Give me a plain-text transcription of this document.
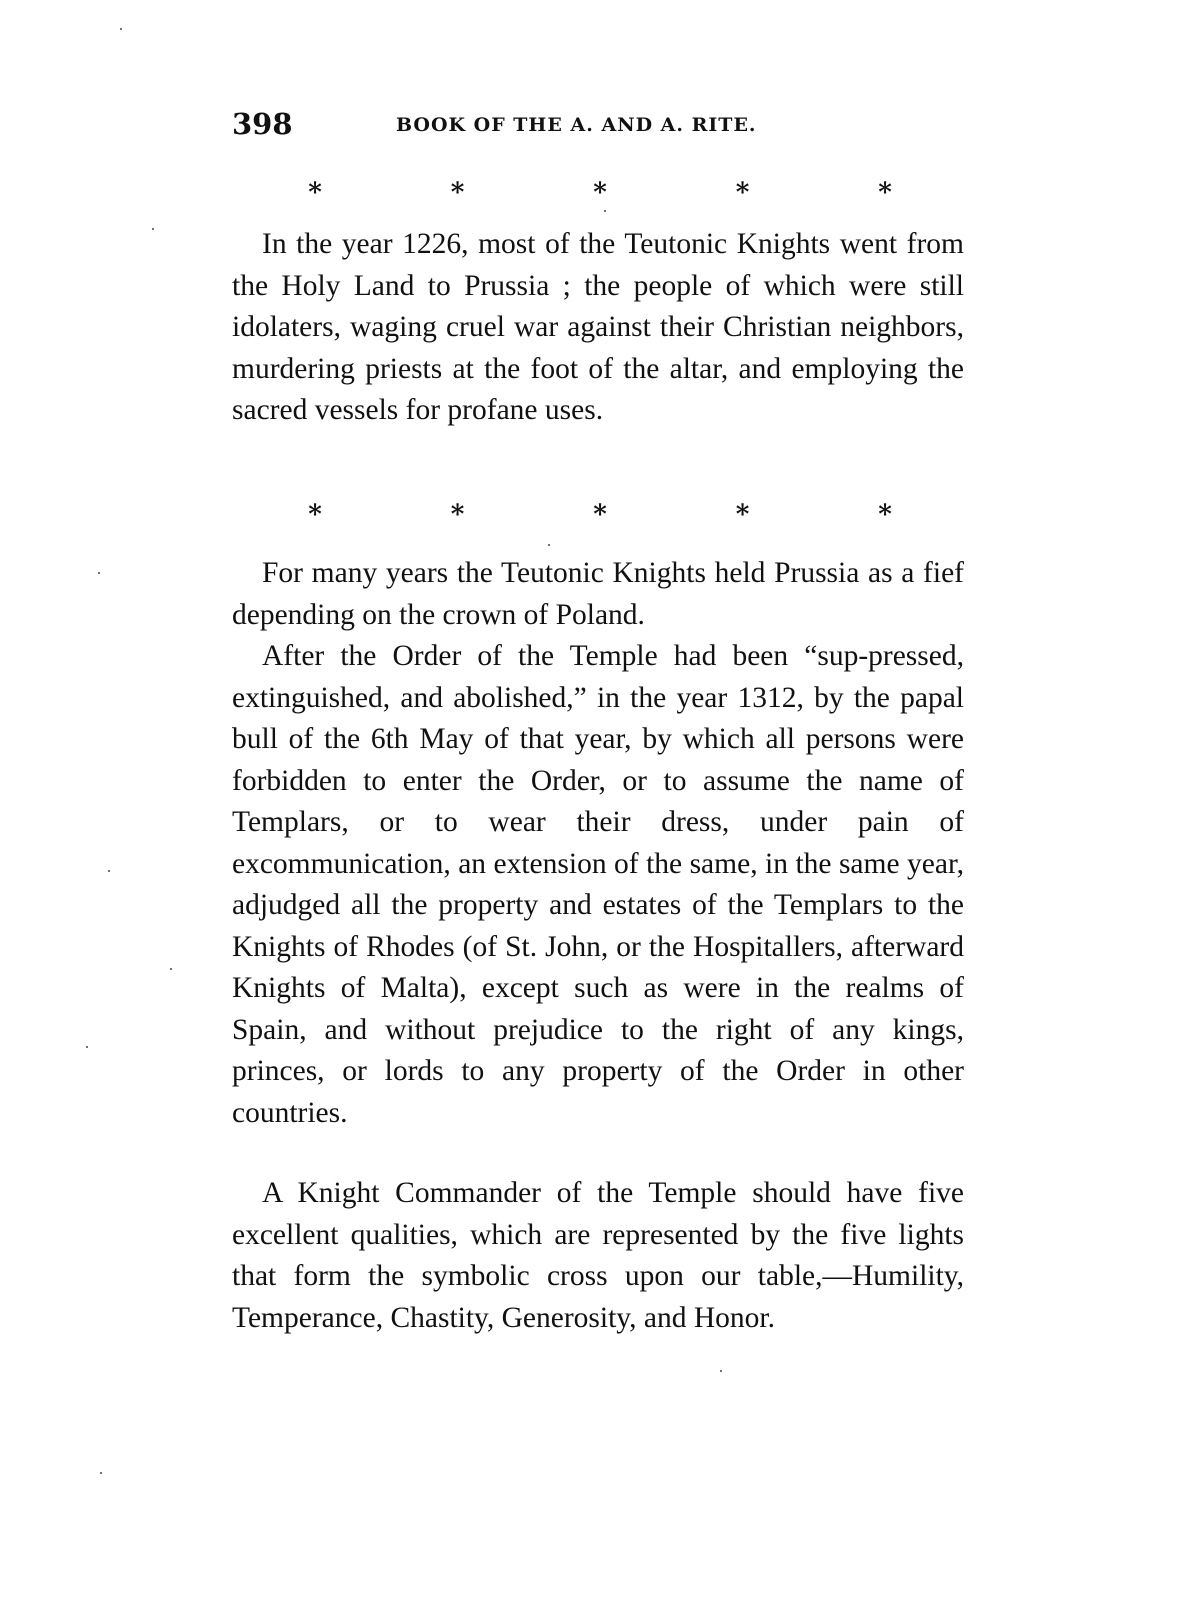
398	BOOK OF THE A. AND A. RITE.
*	*	*	*	*

In the year 1226, most of the Teutonic Knights went from the Holy Land to Prussia ; the people of which were still idolaters, waging cruel war against their Christian neighbors, murdering priests at the foot of the altar, and employing the sacred vessels for profane uses.

*	*	*	*	*

For many years the Teutonic Knights held Prussia as a fief depending on the crown of Poland.

After the Order of the Temple had been “sup-pressed, extinguished, and abolished,” in the year 1312, by the papal bull of the 6th May of that year, by which all persons were forbidden to enter the Order, or to assume the name of Templars, or to wear their dress, under pain of excommunication, an extension of the same, in the same year, adjudged all the property and estates of the Templars to the Knights of Rhodes (of St. John, or the Hospitallers, afterward Knights of Malta), except such as were in the realms of Spain, and without prejudice to the right of any kings, princes, or lords to any property of the Order in other countries.

A Knight Commander of the Temple should have five excellent qualities, which are represented by the five lights that form the symbolic cross upon our table,—Humility, Temperance, Chastity, Generosity, and Honor.
